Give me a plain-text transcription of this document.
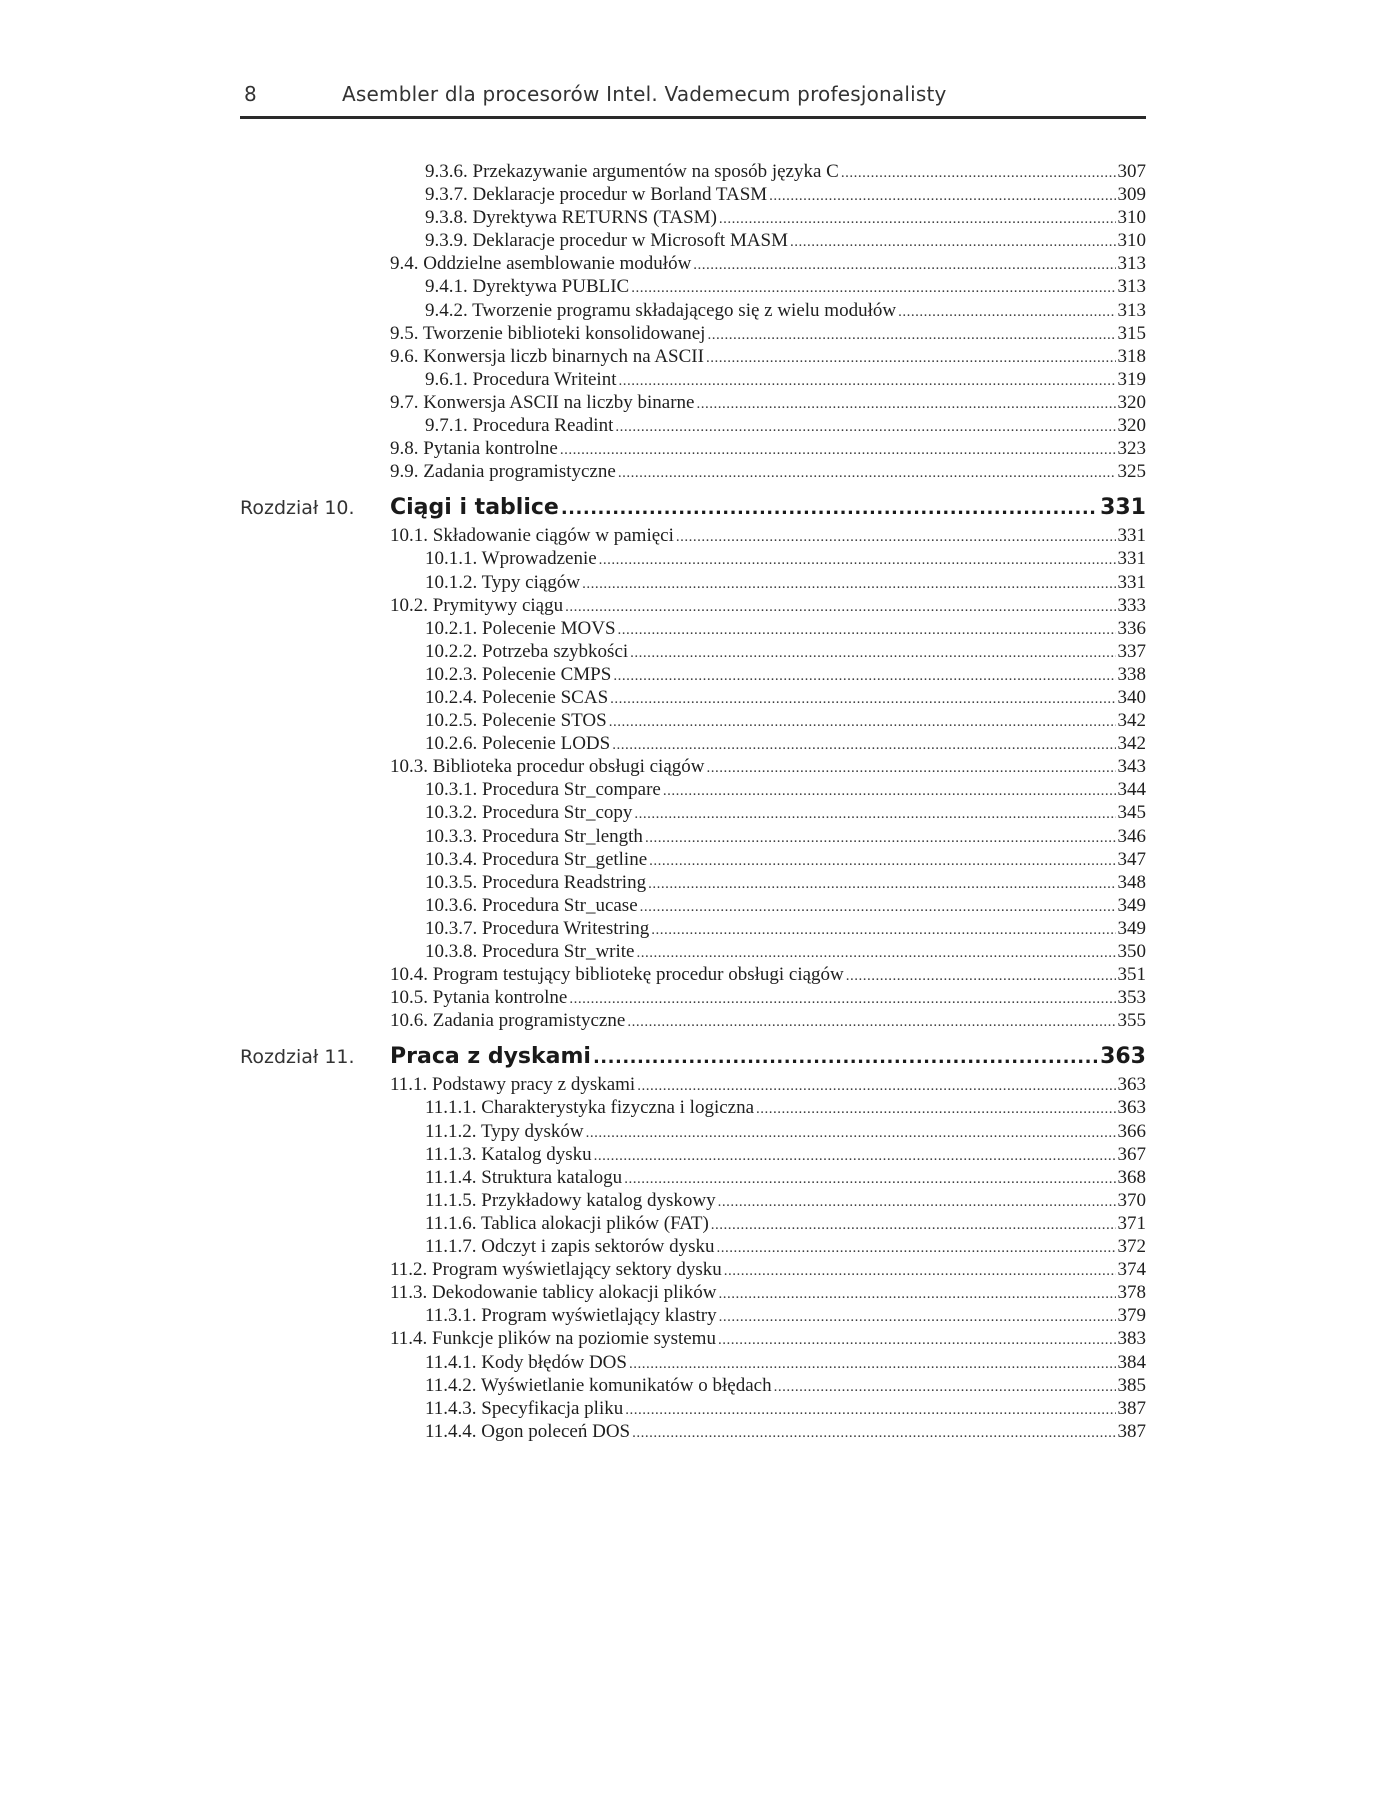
8	Asembler dla procesorów Intel. Vademecum profesjonalisty
9.3.6. Przekazywanie argumentów na sposób języka C .....	307
9.3.7. Deklaracje procedur w Borland TASM .....	309
9.3.8. Dyrektywa RETURNS (TASM) .....	310
9.3.9. Deklaracje procedur w Microsoft MASM .....	310
9.4. Oddzielne asemblowanie modułów .....	313
9.4.1. Dyrektywa PUBLIC .....	313
9.4.2. Tworzenie programu składającego się z wielu modułów .....	313
9.5. Tworzenie biblioteki konsolidowanej .....	315
9.6. Konwersja liczb binarnych na ASCII .....	318
9.6.1. Procedura Writeint .....	319
9.7. Konwersja ASCII na liczby binarne .....	320
9.7.1. Procedura Readint .....	320
9.8. Pytania kontrolne .....	323
9.9. Zadania programistyczne .....	325
Rozdział 10.	Ciągi i tablice .....	331
10.1. Składowanie ciągów w pamięci .....	331
10.1.1. Wprowadzenie .....	331
10.1.2. Typy ciągów .....	331
10.2. Prymitywy ciągu .....	333
10.2.1. Polecenie MOVS .....	336
10.2.2. Potrzeba szybkości .....	337
10.2.3. Polecenie CMPS .....	338
10.2.4. Polecenie SCAS .....	340
10.2.5. Polecenie STOS .....	342
10.2.6. Polecenie LODS .....	342
10.3. Biblioteka procedur obsługi ciągów .....	343
10.3.1. Procedura Str_compare .....	344
10.3.2. Procedura Str_copy .....	345
10.3.3. Procedura Str_length .....	346
10.3.4. Procedura Str_getline .....	347
10.3.5. Procedura Readstring .....	348
10.3.6. Procedura Str_ucase .....	349
10.3.7. Procedura Writestring .....	349
10.3.8. Procedura Str_write .....	350
10.4. Program testujący bibliotekę procedur obsługi ciągów .....	351
10.5. Pytania kontrolne .....	353
10.6. Zadania programistyczne .....	355
Rozdział 11.	Praca z dyskami .....	363
11.1. Podstawy pracy z dyskami .....	363
11.1.1. Charakterystyka fizyczna i logiczna .....	363
11.1.2. Typy dysków .....	366
11.1.3. Katalog dysku .....	367
11.1.4. Struktura katalogu .....	368
11.1.5. Przykładowy katalog dyskowy .....	370
11.1.6. Tablica alokacji plików (FAT) .....	371
11.1.7. Odczyt i zapis sektorów dysku .....	372
11.2. Program wyświetlający sektory dysku .....	374
11.3. Dekodowanie tablicy alokacji plików .....	378
11.3.1. Program wyświetlający klastry .....	379
11.4. Funkcje plików na poziomie systemu .....	383
11.4.1. Kody błędów DOS .....	384
11.4.2. Wyświetlanie komunikatów o błędach .....	385
11.4.3. Specyfikacja pliku .....	387
11.4.4. Ogon poleceń DOS .....	387
